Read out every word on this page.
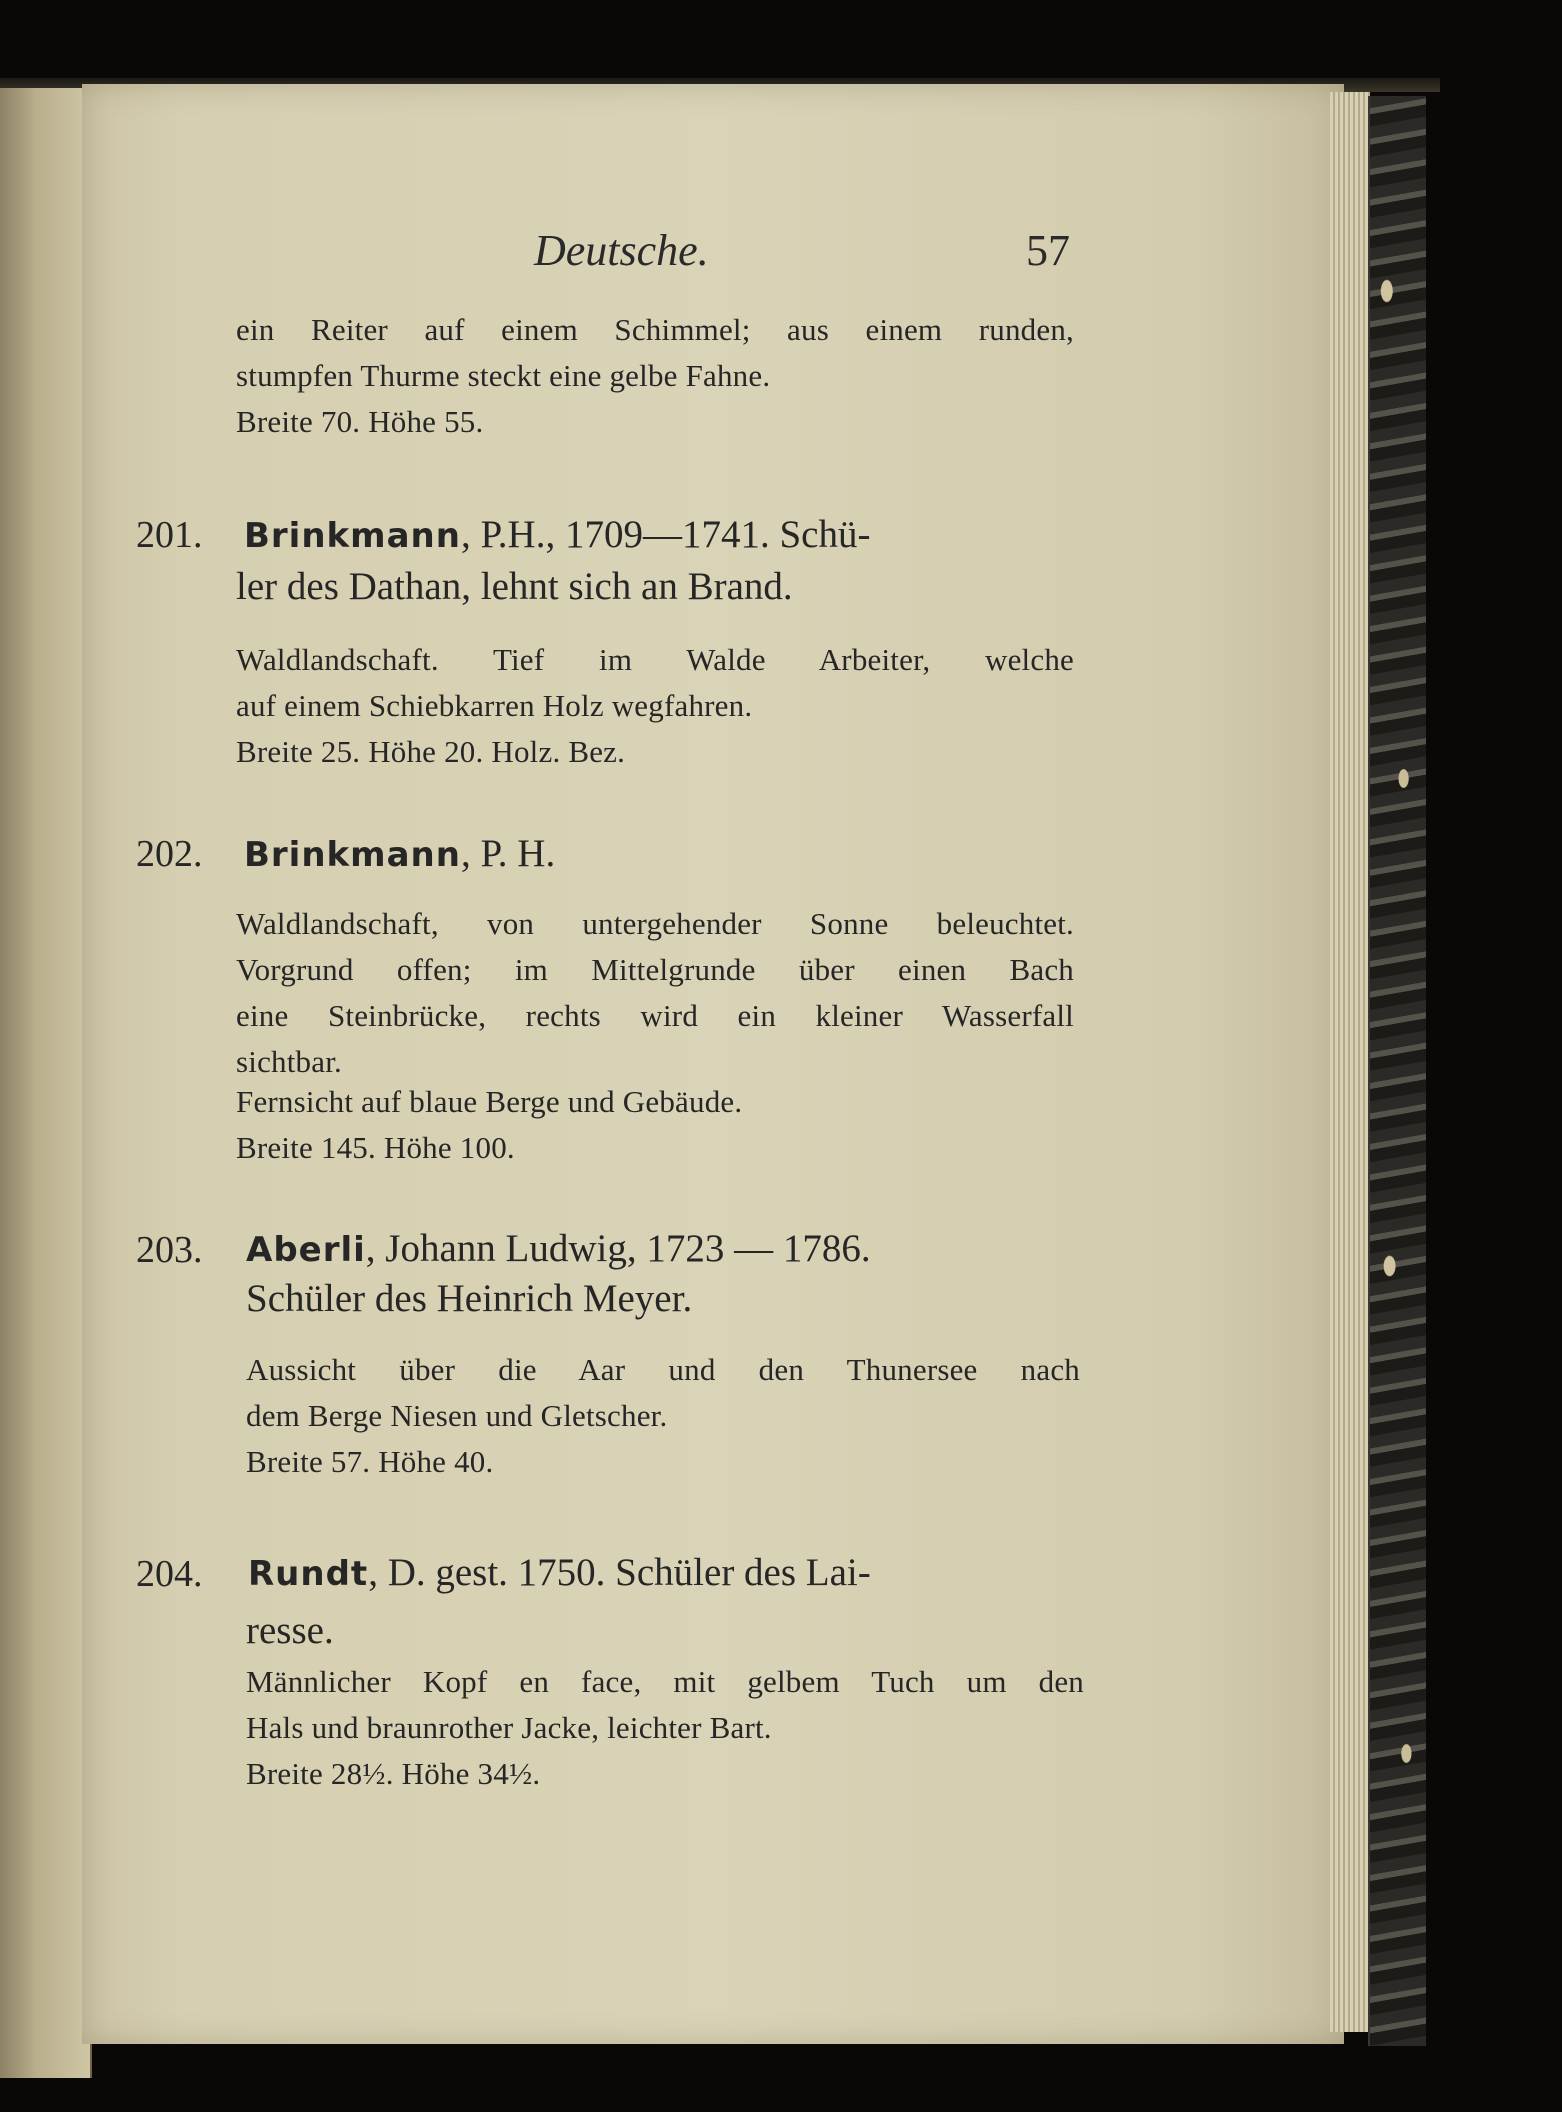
Deutsche.	57
ein Reiter auf einem Schimmel; aus einem runden,
stumpfen Thurme steckt eine gelbe Fahne.
Breite 70. Höhe 55.
201. Brinkmann, P.H., 1709—1741. Schü-
ler des Dathan, lehnt sich an Brand.
Waldlandschaft. Tief im Walde Arbeiter, welche
auf einem Schiebkarren Holz wegfahren.
Breite 25. Höhe 20. Holz. Bez.
202. Brinkmann, P. H.
Waldlandschaft, von untergehender Sonne beleuchtet.
Vorgrund offen; im Mittelgrunde über einen Bach
eine Steinbrücke, rechts wird ein kleiner Wasserfall
sichtbar.
Fernsicht auf blaue Berge und Gebäude.
Breite 145. Höhe 100.
203. Aberli, Johann Ludwig, 1723 — 1786.
Schüler des Heinrich Meyer.
Aussicht über die Aar und den Thunersee nach
dem Berge Niesen und Gletscher.
Breite 57. Höhe 40.
204. Rundt, D. gest. 1750. Schüler des Lai-
resse.
Männlicher Kopf en face, mit gelbem Tuch um den
Hals und braunrother Jacke, leichter Bart.
Breite 28½. Höhe 34½.
